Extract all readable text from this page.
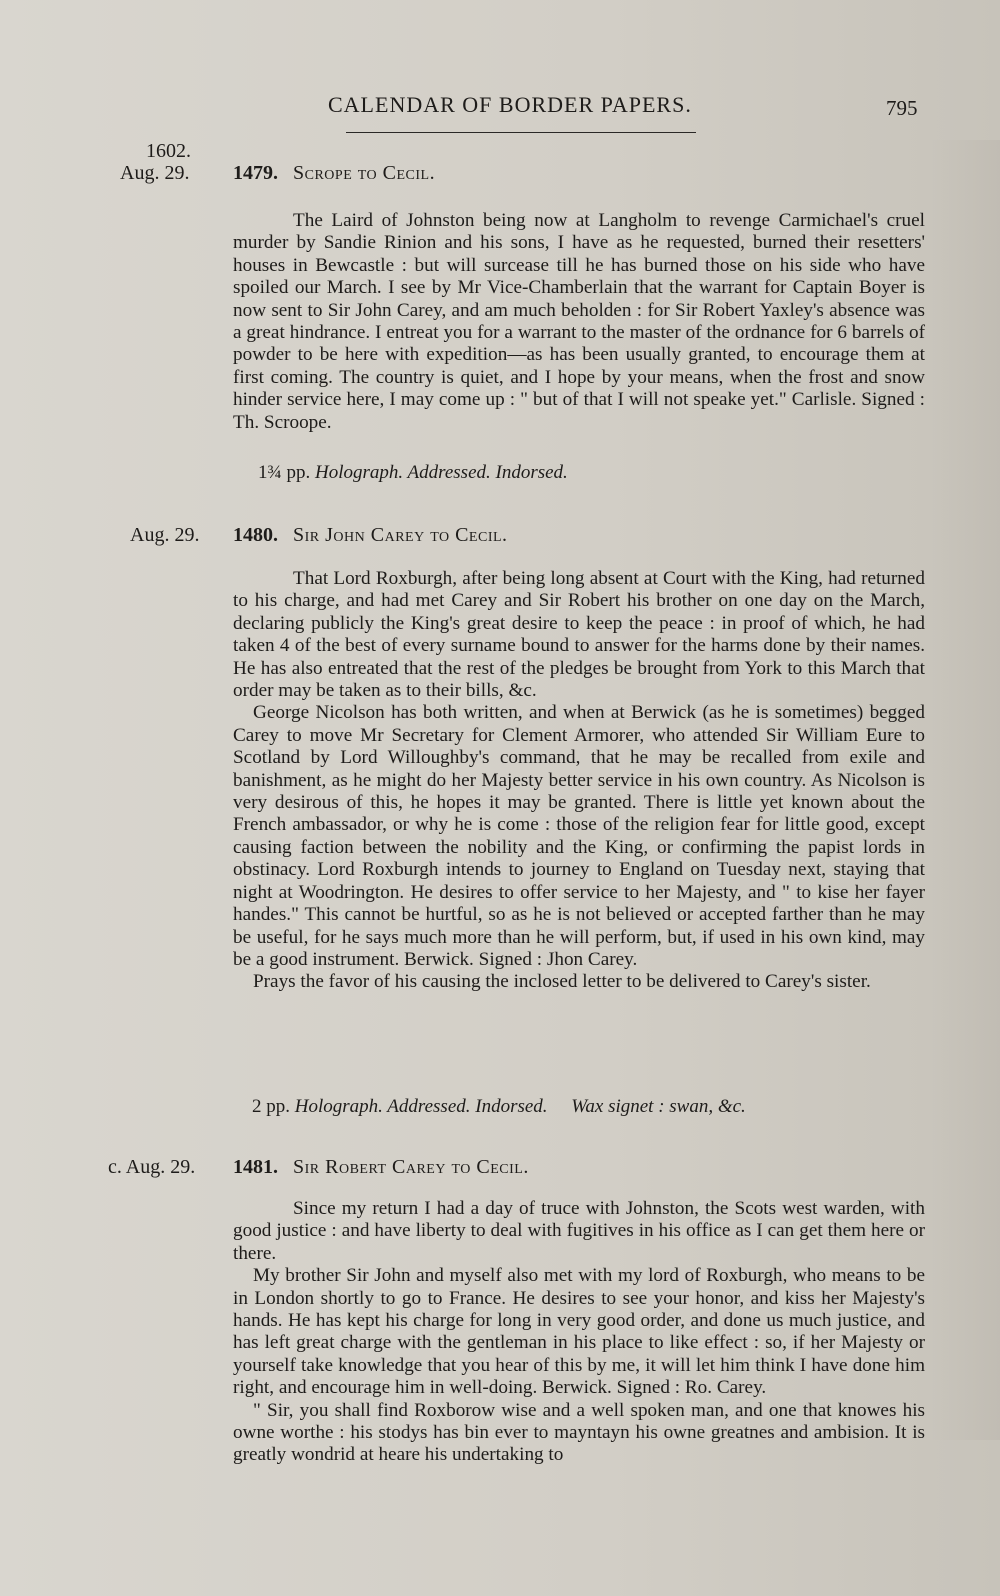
CALENDAR OF BORDER PAPERS.	795
1602.
Aug. 29. 1479. Scrope to Cecil.

The Laird of Johnston being now at Langholm to revenge Carmichael's cruel murder by Sandie Rinion and his sons, I have as he requested, burned their resetters' houses in Bewcastle : but will surcease till he has burned those on his side who have spoiled our March. I see by Mr Vice-Chamberlain that the warrant for Captain Boyer is now sent to Sir John Carey, and am much beholden : for Sir Robert Yaxley's absence was a great hindrance. I entreat you for a warrant to the master of the ordnance for 6 barrels of powder to be here with expedition—as has been usually granted, to encourage them at first coming. The country is quiet, and I hope by your means, when the frost and snow hinder service here, I may come up : " but of that I will not speake yet." Carlisle. Signed : Th. Scroope.

1¾ pp. Holograph. Addressed. Indorsed.
Aug. 29. 1480. Sir John Carey to Cecil.

That Lord Roxburgh, after being long absent at Court with the King, had returned to his charge, and had met Carey and Sir Robert his brother on one day on the March, declaring publicly the King's great desire to keep the peace : in proof of which, he had taken 4 of the best of every surname bound to answer for the harms done by their names. He has also entreated that the rest of the pledges be brought from York to this March that order may be taken as to their bills, &c.

George Nicolson has both written, and when at Berwick (as he is sometimes) begged Carey to move Mr Secretary for Clement Armorer, who attended Sir William Eure to Scotland by Lord Willoughby's command, that he may be recalled from exile and banishment, as he might do her Majesty better service in his own country. As Nicolson is very desirous of this, he hopes it may be granted. There is little yet known about the French ambassador, or why he is come : those of the religion fear for little good, except causing faction between the nobility and the King, or confirming the papist lords in obstinacy. Lord Roxburgh intends to journey to England on Tuesday next, staying that night at Woodrington. He desires to offer service to her Majesty, and " to kise her fayer handes." This cannot be hurtful, so as he is not believed or accepted farther than he may be useful, for he says much more than he will perform, but, if used in his own kind, may be a good instrument. Berwick. Signed : Jhon Carey.

Prays the favor of his causing the inclosed letter to be delivered to Carey's sister.

2 pp. Holograph. Addressed. Indorsed.     Wax signet : swan, &c.
c. Aug. 29. 1481. Sir Robert Carey to Cecil.

Since my return I had a day of truce with Johnston, the Scots west warden, with good justice : and have liberty to deal with fugitives in his office as I can get them here or there.

My brother Sir John and myself also met with my lord of Roxburgh, who means to be in London shortly to go to France. He desires to see your honor, and kiss her Majesty's hands. He has kept his charge for long in very good order, and done us much justice, and has left great charge with the gentleman in his place to like effect : so, if her Majesty or yourself take knowledge that you hear of this by me, it will let him think I have done him right, and encourage him in well-doing. Berwick. Signed : Ro. Carey.

" Sir, you shall find Roxborow wise and a well spoken man, and one that knowes his owne worthe : his stodys has bin ever to mayntayn his owne greatnes and ambision. It is greatly wondrid at heare his undertaking to
